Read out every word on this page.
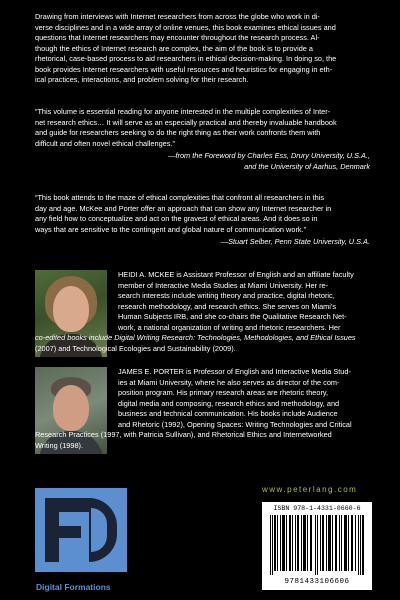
Drawing from interviews with Internet researchers from across the globe who work in di-
verse disciplines and in a wide array of online venues, this book examines ethical issues and
questions that Internet researchers may encounter throughout the research process. Al-
though the ethics of Internet research are complex, the aim of the book is to provide a
rhetorical, case-based process to aid researchers in ethical decision-making. In doing so, the
book provides Internet researchers with useful resources and heuristics for engaging in eth-
ical practices, interactions, and problem solving for their research.
“This volume is essential reading for anyone interested in the multiple complexities of Inter-
net research ethics… It will serve as an especially practical and thereby invaluable handbook
and guide for researchers seeking to do the right thing as their work confronts them with
difficult and often novel ethical challenges.”
—from the Foreword by Charles Ess, Drury University, U.S.A.,
and the University of Aarhus, Denmark
“This book attends to the maze of ethical complexities that confront all researchers in this
day and age. McKee and Porter offer an approach that can show any Internet researcher in
any field how to conceptualize and act on the gravest of ethical areas. And it does so in
ways that are sensitive to the contingent and global nature of communication work.”
—Stuart Selber, Penn State University, U.S.A.
HEIDI A. MCKEE is Assistant Professor of English and an affiliate faculty
member of Interactive Media Studies at Miami University. Her re-
search interests include writing theory and practice, digital rhetoric,
research methodology, and research ethics. She serves on Miami’s
Human Subjects IRB, and she co-chairs the Qualitative Research Net-
work, a national organization of writing and rhetoric researchers. Her
co-edited books include Digital Writing Research: Technologies, Methodologies, and Ethical Issues
(2007) and Technological Ecologies and Sustainability (2009).
JAMES E. PORTER is Professor of English and Interactive Media Stud-
ies at Miami University, where he also serves as director of the com-
position program. His primary research areas are rhetoric theory,
digital media and composing, research ethics and methodology, and
business and technical communication. His books include Audience
and Rhetoric (1992), Opening Spaces: Writing Technologies and Critical
Research Practices (1997, with Patricia Sullivan), and Rhetorical Ethics and Internetworked
Writing (1998).
www.peterlang.com
Digital Formations
ISBN 978-1-4331-0660-6
9781433106606
